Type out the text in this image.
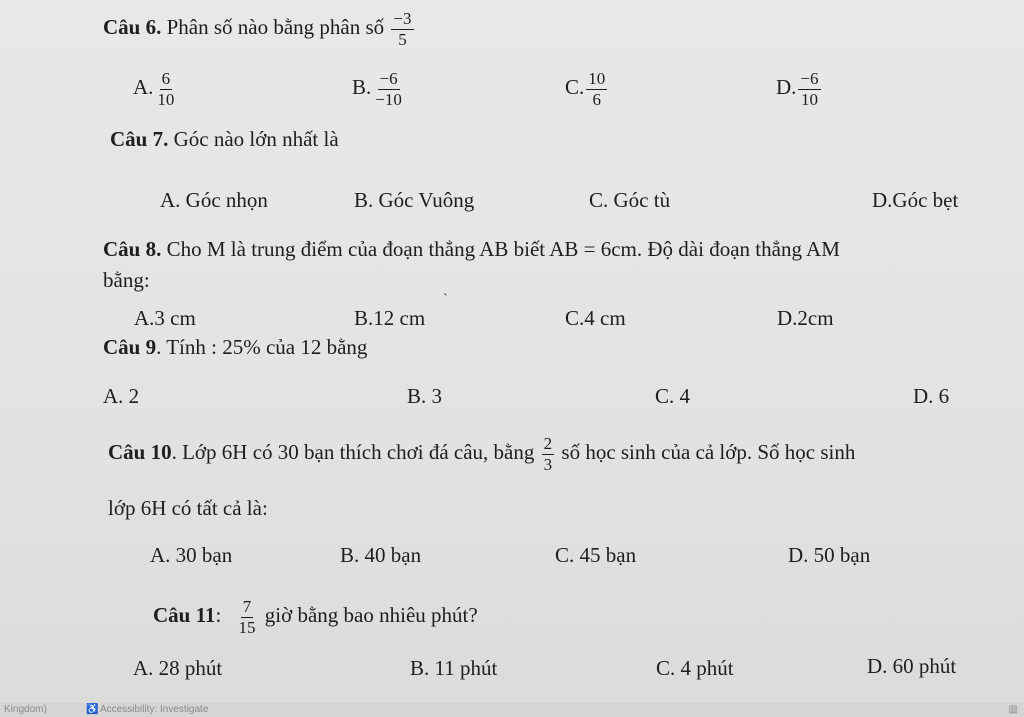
Câu 6. Phân số nào bằng phân số $\frac{-3}{5}$
A. $\frac{6}{10}$	B. $\frac{-6}{-10}$	C. $\frac{10}{6}$	D. $\frac{-6}{10}$
Câu 7. Góc nào lớn nhất là
A. Góc nhọn	B. Góc Vuông	C. Góc tù	D.Góc bẹt
Câu 8. Cho M là trung điểm của đoạn thẳng AB biết AB = 6cm. Độ dài đoạn thẳng AM
bằng:
A.3 cm	B.12 cm	C.4 cm	D.2cm
ˋ
Câu 9. Tính : 25% của 12 bằng
A. 2	B. 3	C. 4	D. 6
Câu 10. Lớp 6H có 30 bạn thích chơi đá câu, bằng $\frac{2}{3}$ số học sinh của cả lớp. Số học sinh
lớp 6H có tất cả là:
A. 30 bạn	B. 40 bạn	C. 45 bạn	D. 50 bạn
Câu 11: $\frac{7}{15}$ giờ bằng bao nhiêu phút?
A. 28 phút	B. 11 phút	C. 4 phút	D. 60 phút
Kingdom)	♿ Accessibility: Investigate	▥
